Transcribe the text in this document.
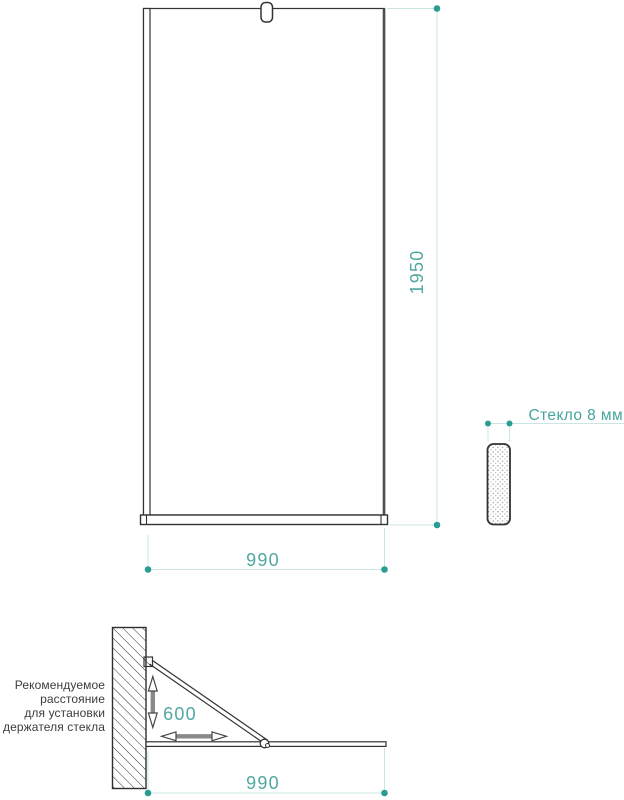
1950
990
Стекло 8 мм
600
Рекомендуемое
расстояние
для установки
держателя стекла
990
